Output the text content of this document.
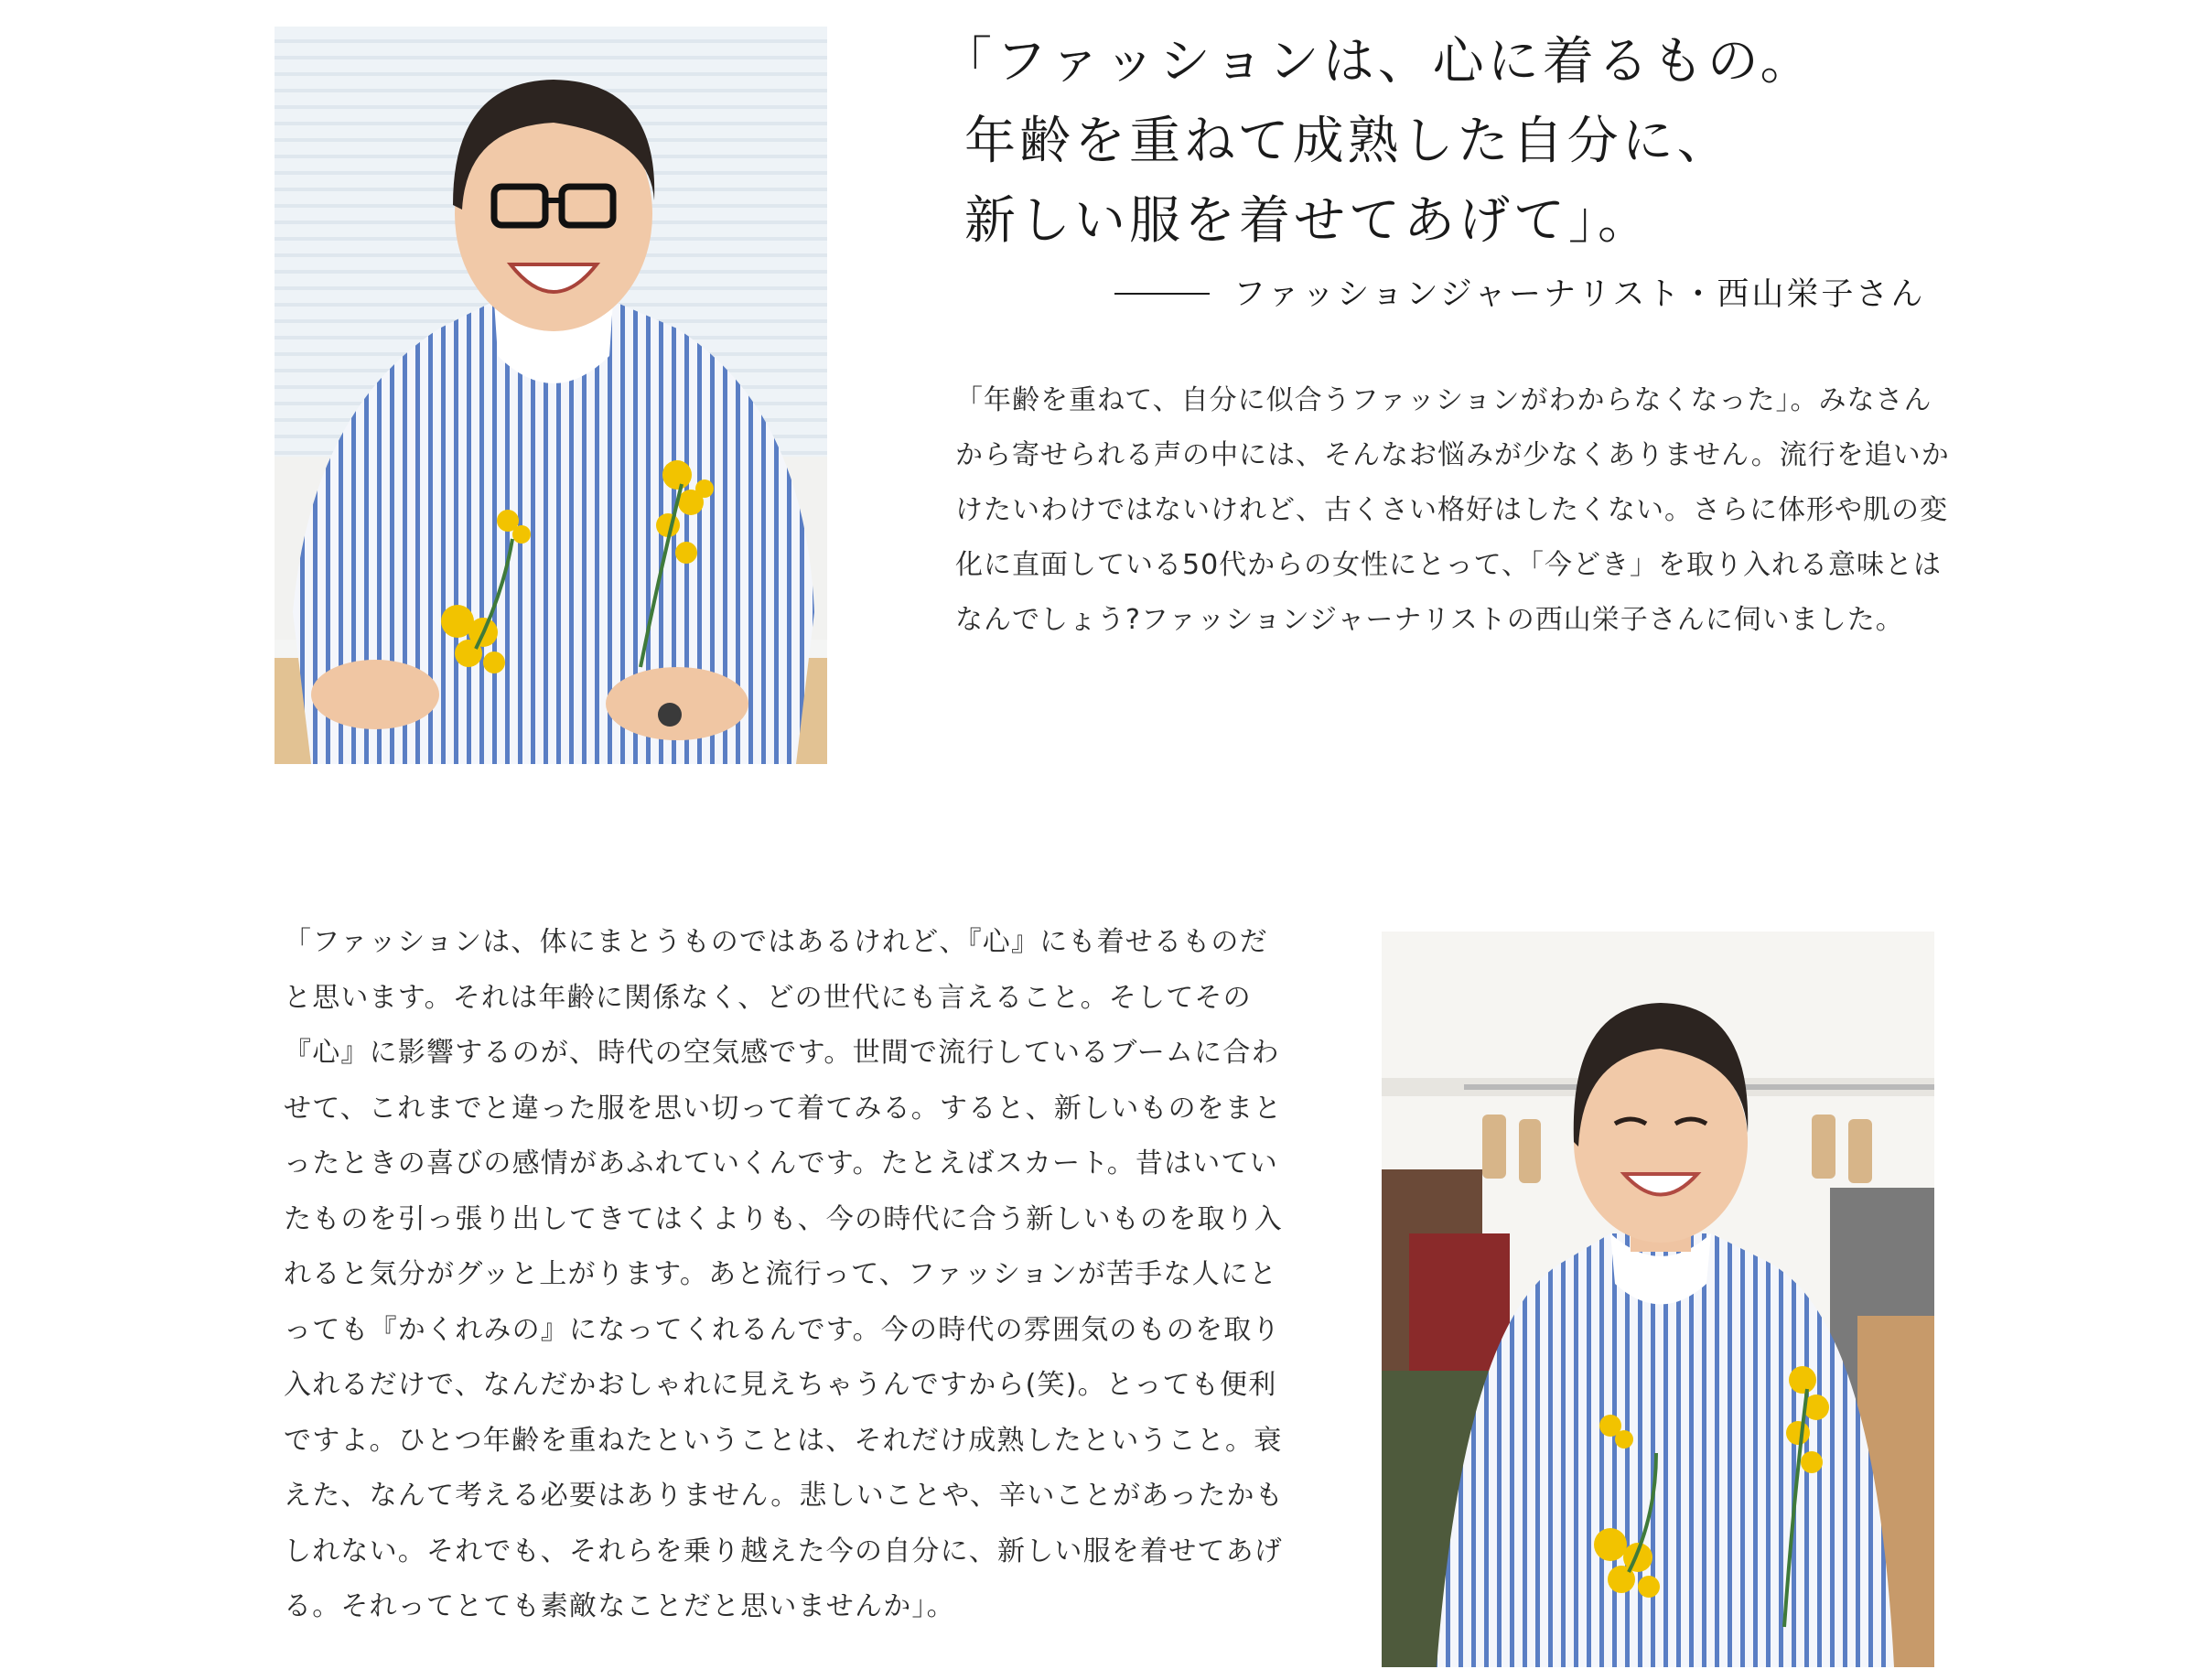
「ファッションは、心に着るもの。
年齢を重ねて成熟した自分に、
新しい服を着せてあげて」。
ファッションジャーナリスト・西山栄子さん

「年齢を重ねて、自分に似合うファッションがわからなくなった」。みなさんから寄せられる声の中には、そんなお悩みが少なくありません。流行を追いかけたいわけではないけれど、古くさい格好はしたくない。さらに体形や肌の変化に直面している50代からの女性にとって、「今どき」を取り入れる意味とはなんでしょう?ファッションジャーナリストの西山栄子さんに伺いました。

「ファッションは、体にまとうものではあるけれど、『心』にも着せるものだと思います。それは年齢に関係なく、どの世代にも言えること。そしてその『心』に影響するのが、時代の空気感です。世間で流行しているブームに合わせて、これまでと違った服を思い切って着てみる。すると、新しいものをまとったときの喜びの感情があふれていくんです。たとえばスカート。昔はいていたものを引っ張り出してきてはくよりも、今の時代に合う新しいものを取り入れると気分がグッと上がります。あと流行って、ファッションが苦手な人にとっても『かくれみの』になってくれるんです。今の時代の雰囲気のものを取り入れるだけで、なんだかおしゃれに見えちゃうんですから(笑)。とっても便利ですよ。ひとつ年齢を重ねたということは、それだけ成熟したということ。衰えた、なんて考える必要はありません。悲しいことや、辛いことがあったかもしれない。それでも、それらを乗り越えた今の自分に、新しい服を着せてあげる。それってとても素敵なことだと思いませんか」。
